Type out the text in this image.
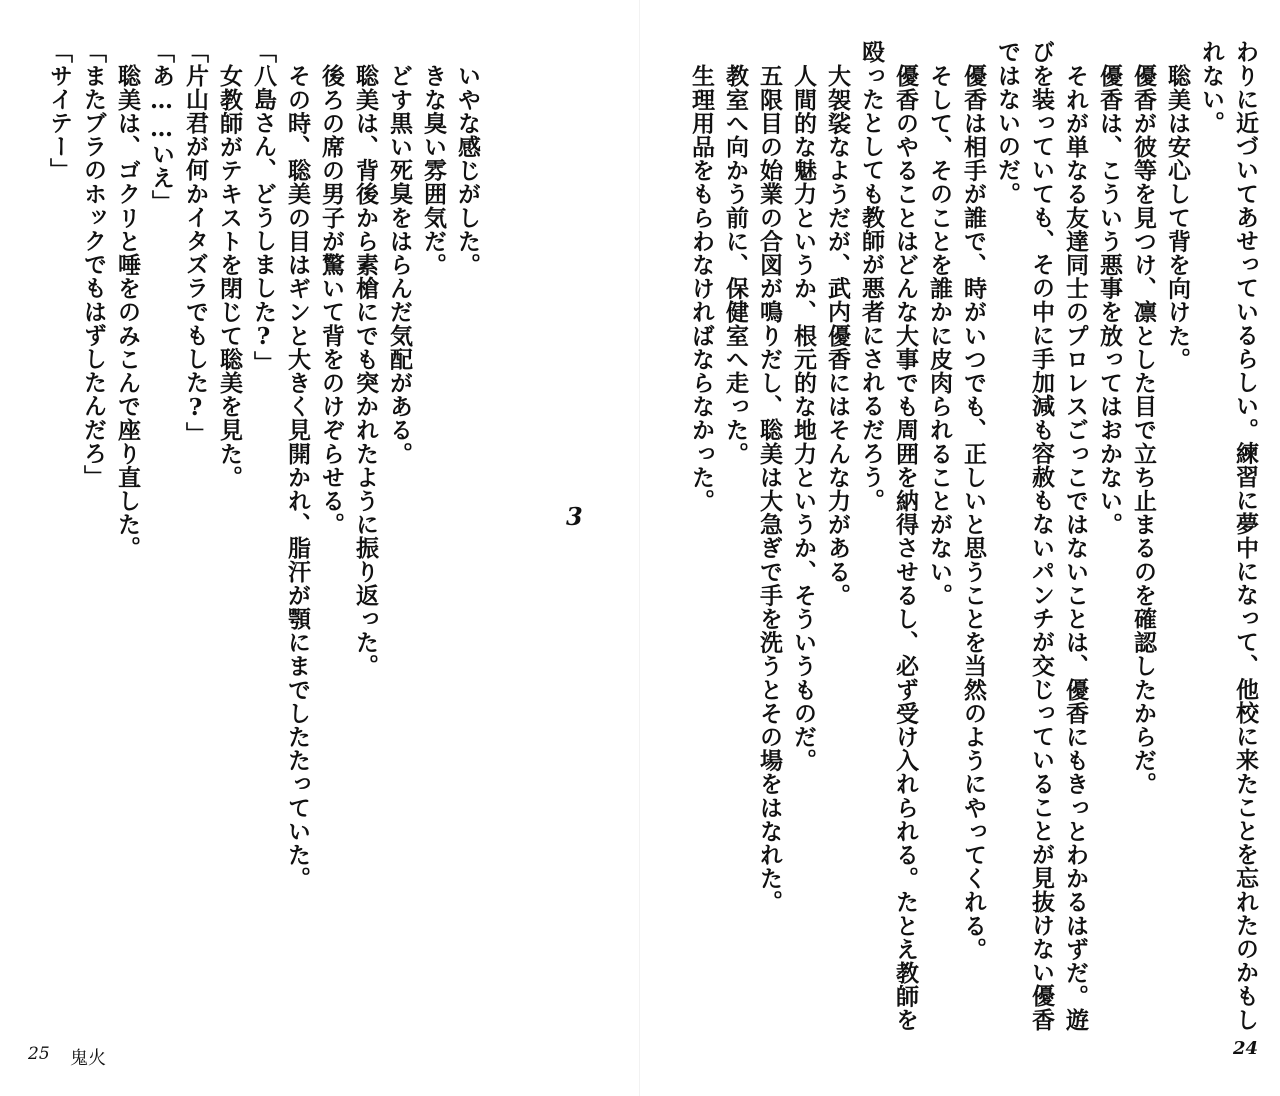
わりに近づいてあせっているらしい。練習に夢中になって、他校に来たことを忘れたのかもし
れない。
聡美は安心して背を向けた。
優香が彼等を見つけ、凛とした目で立ち止まるのを確認したからだ。
優香は、こういう悪事を放ってはおかない。
それが単なる友達同士のプロレスごっこではないことは、優香にもきっとわかるはずだ。遊
びを装っていても、その中に手加減も容赦もないパンチが交じっていることが見抜けない優香
ではないのだ。
優香は相手が誰で、時がいつでも、正しいと思うことを当然のようにやってくれる。
そして、そのことを誰かに皮肉られることがない。
優香のやることはどんな大事でも周囲を納得させるし、必ず受け入れられる。たとえ教師を
殴ったとしても教師が悪者にされるだろう。
大袈裟なようだが、武内優香にはそんな力がある。
人間的な魅力というか、根元的な地力というか、そういうものだ。
五限目の始業の合図が鳴りだし、聡美は大急ぎで手を洗うとその場をはなれた。
教室へ向かう前に、保健室へ走った。
生理用品をもらわなければならなかった。
3
いやな感じがした。
きな臭い雰囲気だ。
どす黒い死臭をはらんだ気配がある。
聡美は、背後から素槍にでも突かれたように振り返った。
後ろの席の男子が驚いて背をのけぞらせる。
その時、聡美の目はギンと大きく見開かれ、脂汗が顎にまでしたたっていた。
「八島さん、どうしました?」
女教師がテキストを閉じて聡美を見た。
「片山君が何かイタズラでもした?」
「あ……いえ」
聡美は、ゴクリと唾をのみこんで座り直した。
「またブラのホックでもはずしたんだろ」
「サイテー」
24
25 鬼火
